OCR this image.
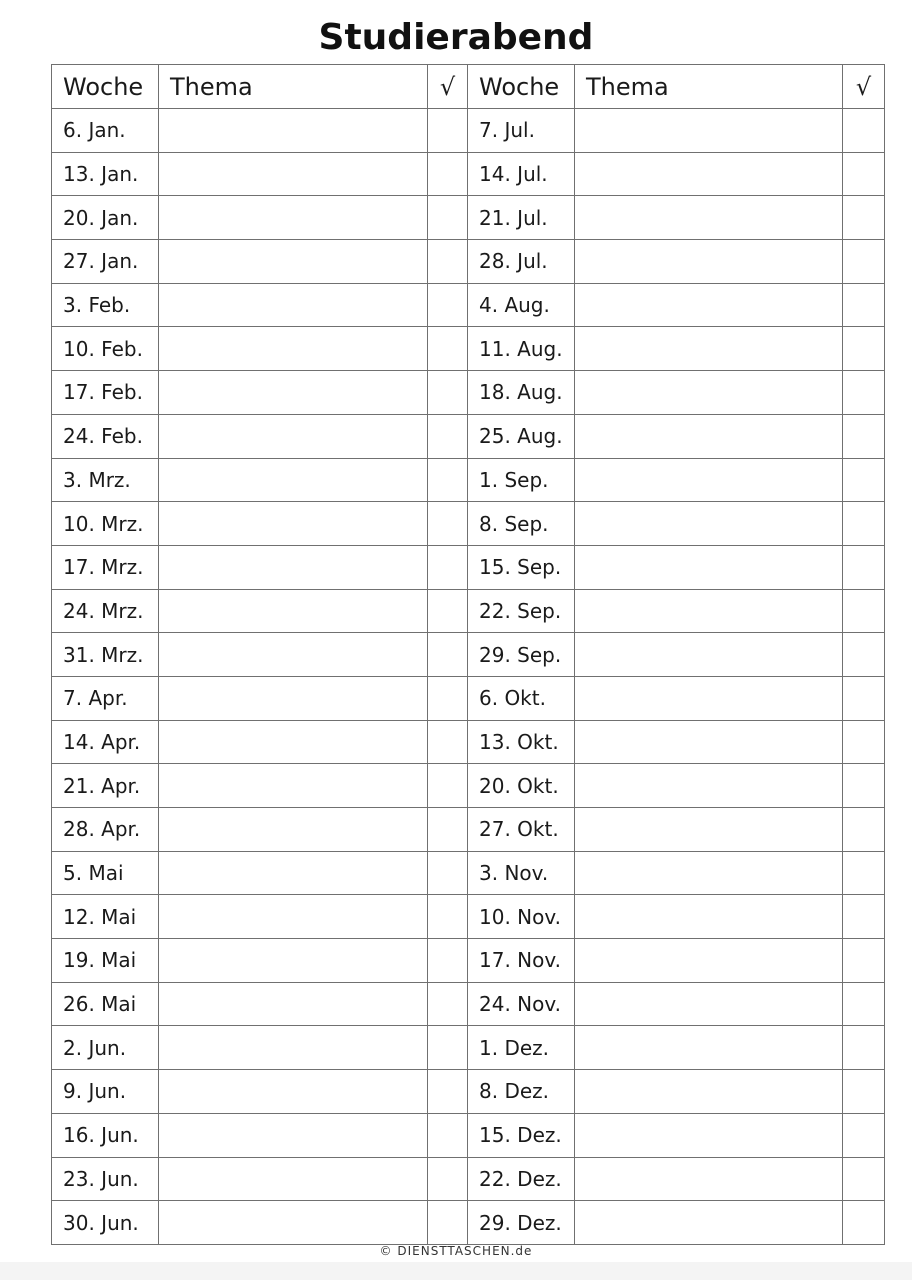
Studierabend
Woche	Thema	√	Woche	Thema	√
6. Jan.			7. Jul.		
13. Jan.			14. Jul.		
20. Jan.			21. Jul.		
27. Jan.			28. Jul.		
3. Feb.			4. Aug.		
10. Feb.			11. Aug.		
17. Feb.			18. Aug.		
24. Feb.			25. Aug.		
3. Mrz.			1. Sep.		
10. Mrz.			8. Sep.		
17. Mrz.			15. Sep.		
24. Mrz.			22. Sep.		
31. Mrz.			29. Sep.		
7. Apr.			6. Okt.		
14. Apr.			13. Okt.		
21. Apr.			20. Okt.		
28. Apr.			27. Okt.		
5. Mai			3. Nov.		
12. Mai			10. Nov.		
19. Mai			17. Nov.		
26. Mai			24. Nov.		
2. Jun.			1. Dez.		
9. Jun.			8. Dez.		
16. Jun.			15. Dez.		
23. Jun.			22. Dez.		
30. Jun.			29. Dez.		
© DIENSTTASCHEN.de
